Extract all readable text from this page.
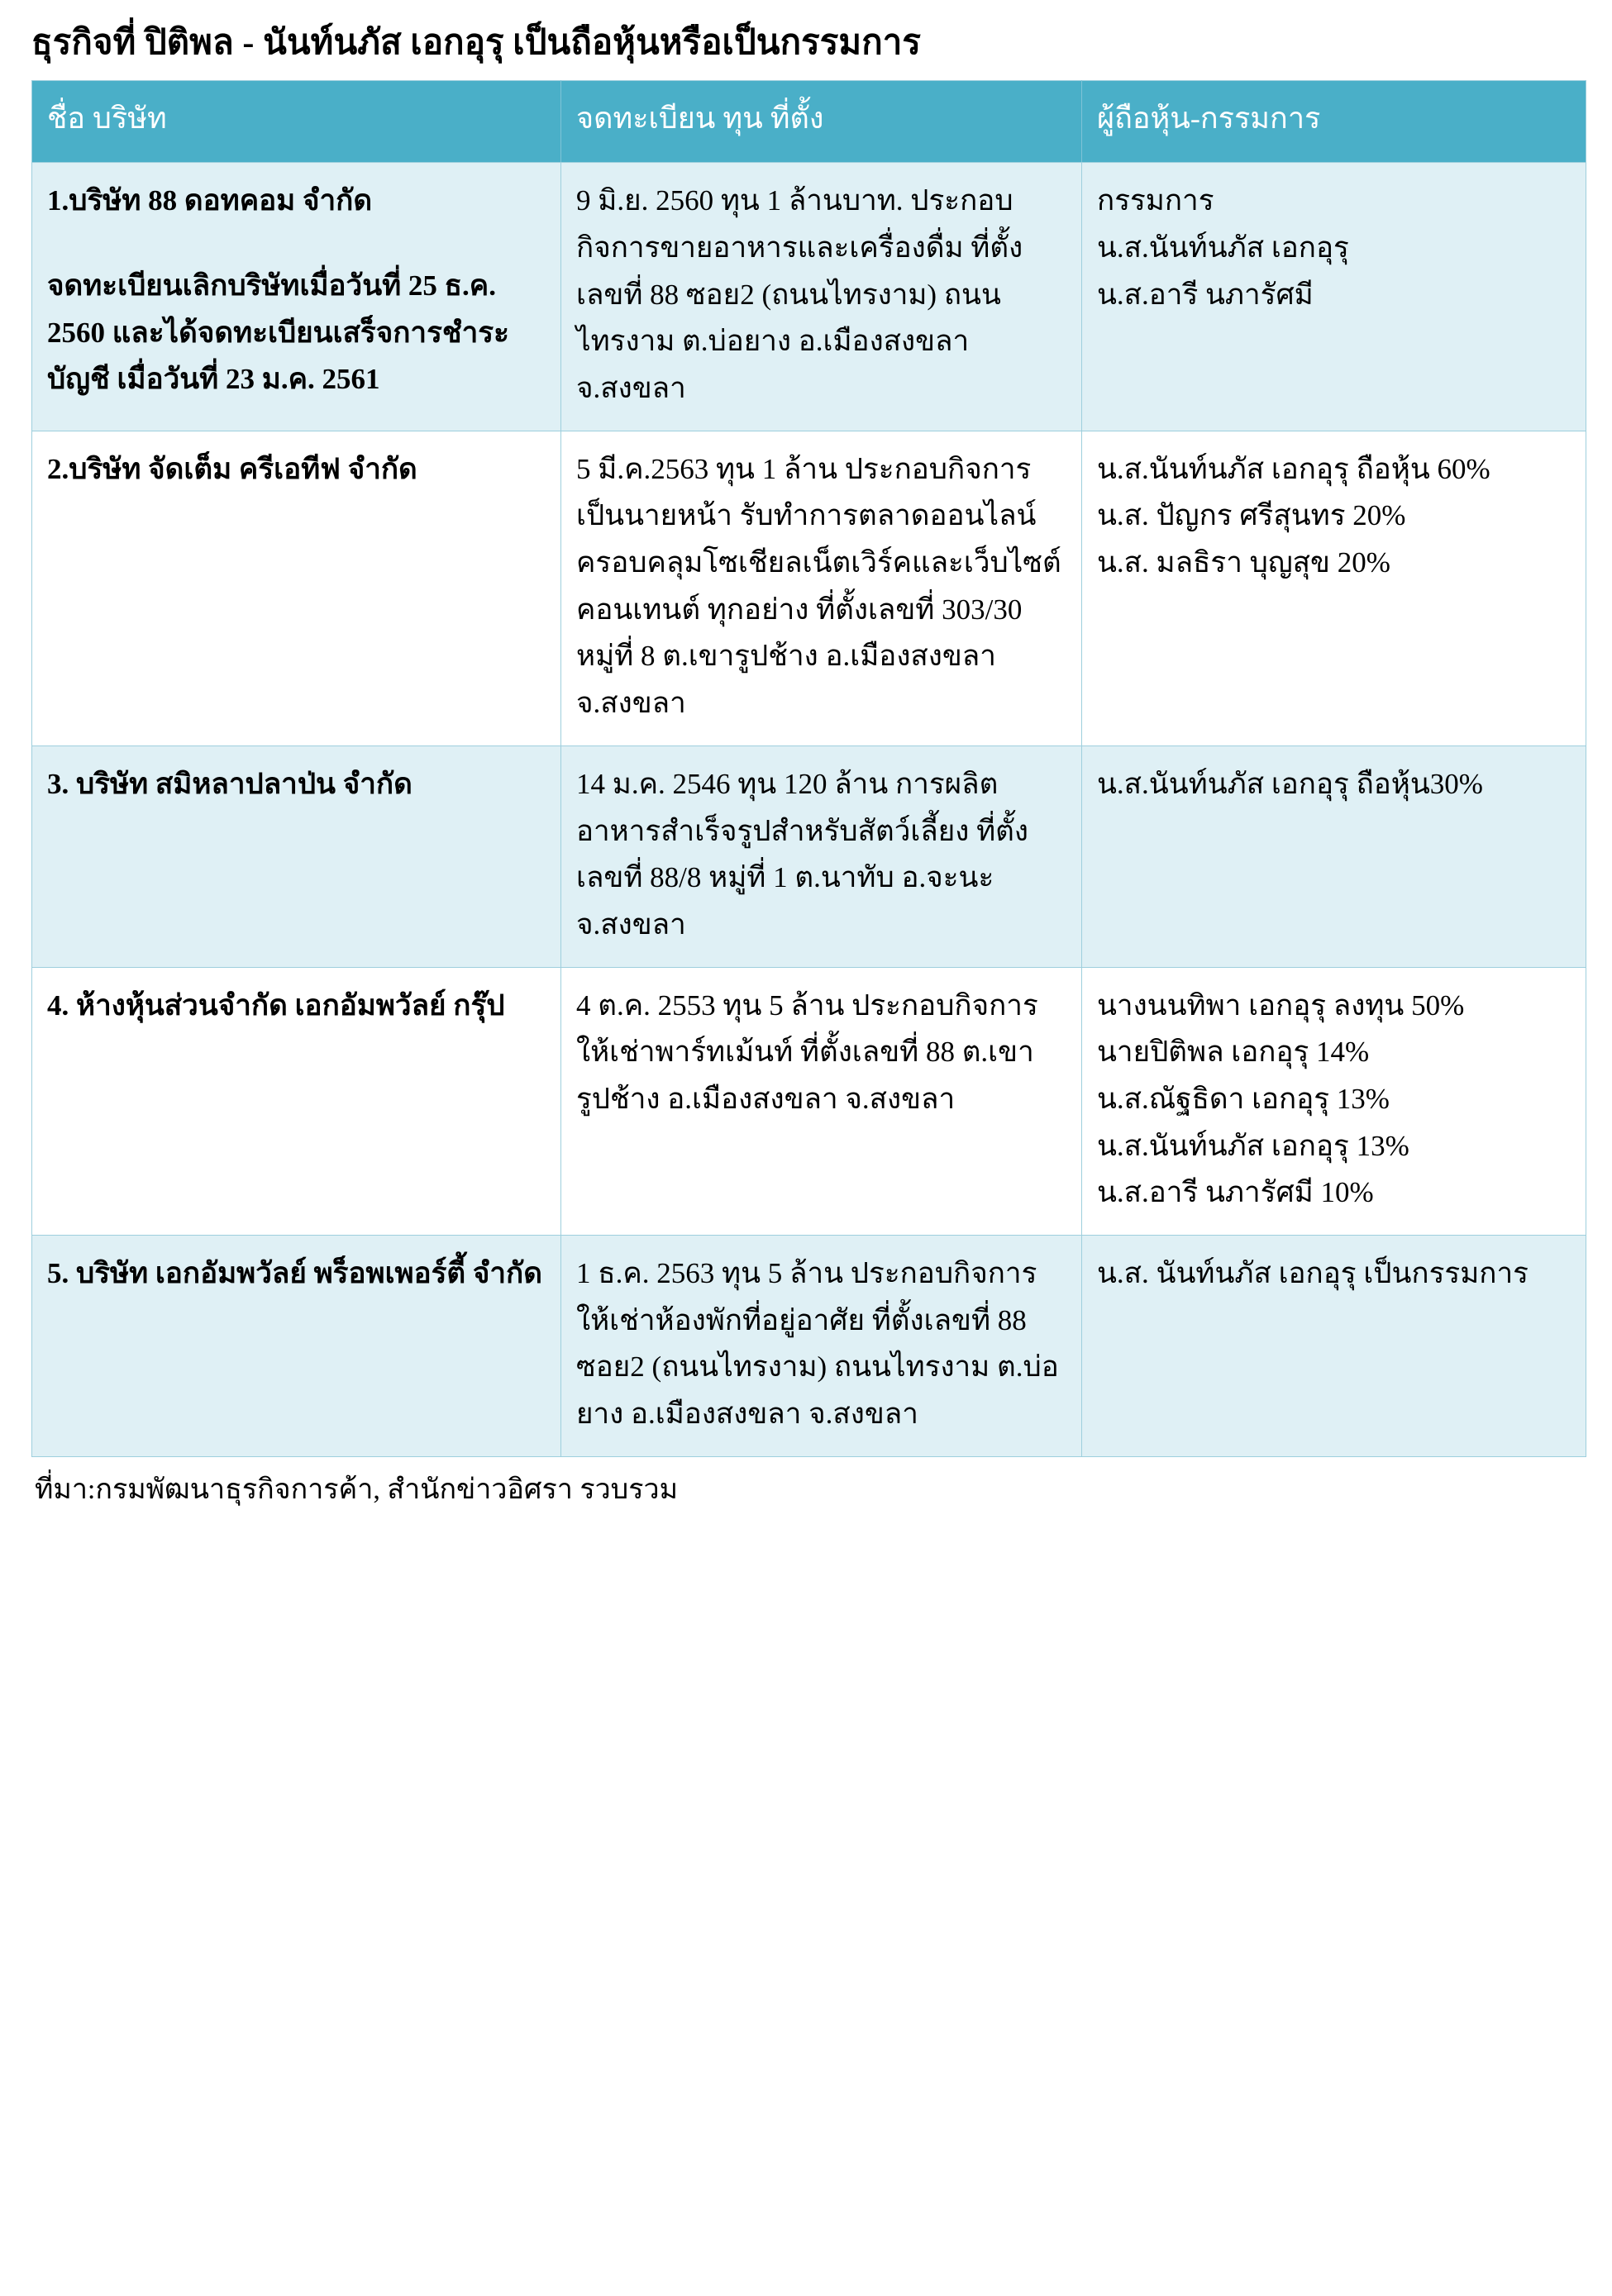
ธุรกิจที่ ปิติพล - นันท์นภัส เอกอุรุ เป็นถือหุ้นหรือเป็นกรรมการ
ชื่อ บริษัท	จดทะเบียน ทุน ที่ตั้ง	ผู้ถือหุ้น-กรรมการ

1.บริษัท 88 ดอทคอม จำกัด
จดทะเบียนเลิกบริษัทเมื่อวันที่ 25 ธ.ค. 2560 และได้จดทะเบียนเสร็จการชำระบัญชี เมื่อวันที่ 23 ม.ค. 2561	9 มิ.ย. 2560 ทุน 1 ล้านบาท. ประกอบกิจการขายอาหารและเครื่องดื่ม ที่ตั้งเลขที่ 88 ซอย2 (ถนนไทรงาม) ถนนไทรงาม ต.บ่อยาง อ.เมืองสงขลา จ.สงขลา	กรรมการ
น.ส.นันท์นภัส เอกอุรุ
น.ส.อารี นภารัศมี

2.บริษัท จัดเต็ม ครีเอทีฟ จำกัด	5 มี.ค.2563 ทุน 1 ล้าน ประกอบกิจการเป็นนายหน้า รับทำการตลาดออนไลน์ ครอบคลุมโซเชียลเน็ตเวิร์คและเว็บไซต์คอนเทนต์ ทุกอย่าง ที่ตั้งเลขที่ 303/30 หมู่ที่ 8 ต.เขารูปช้าง อ.เมืองสงขลา จ.สงขลา	น.ส.นันท์นภัส เอกอุรุ ถือหุ้น 60%
น.ส. ปัญกร ศรีสุนทร 20%
น.ส. มลธิรา บุญสุข 20%

3. บริษัท สมิหลาปลาป่น จำกัด	14 ม.ค. 2546 ทุน 120 ล้าน การผลิตอาหารสำเร็จรูปสำหรับสัตว์เลี้ยง ที่ตั้งเลขที่ 88/8 หมู่ที่ 1 ต.นาทับ อ.จะนะ จ.สงขลา	น.ส.นันท์นภัส เอกอุรุ ถือหุ้น30%

4. ห้างหุ้นส่วนจำกัด เอกอัมพวัลย์ กรุ๊ป	4 ต.ค. 2553 ทุน 5 ล้าน ประกอบกิจการให้เช่าพาร์ทเม้นท์ ที่ตั้งเลขที่ 88 ต.เขารูปช้าง อ.เมืองสงขลา จ.สงขลา	นางนนทิพา เอกอุรุ ลงทุน 50%
นายปิติพล เอกอุรุ 14%
น.ส.ณัฐธิดา เอกอุรุ 13%
น.ส.นันท์นภัส เอกอุรุ 13%
น.ส.อารี นภารัศมี 10%

5. บริษัท เอกอัมพวัลย์ พร็อพเพอร์ตี้ จำกัด	1 ธ.ค. 2563 ทุน 5 ล้าน ประกอบกิจการให้เช่าห้องพักที่อยู่อาศัย ที่ตั้งเลขที่ 88 ซอย2 (ถนนไทรงาม) ถนนไทรงาม ต.บ่อยาง อ.เมืองสงขลา จ.สงขลา	น.ส. นันท์นภัส เอกอุรุ เป็นกรรมการ

ที่มา:กรมพัฒนาธุรกิจการค้า, สำนักข่าวอิศรา รวบรวม
